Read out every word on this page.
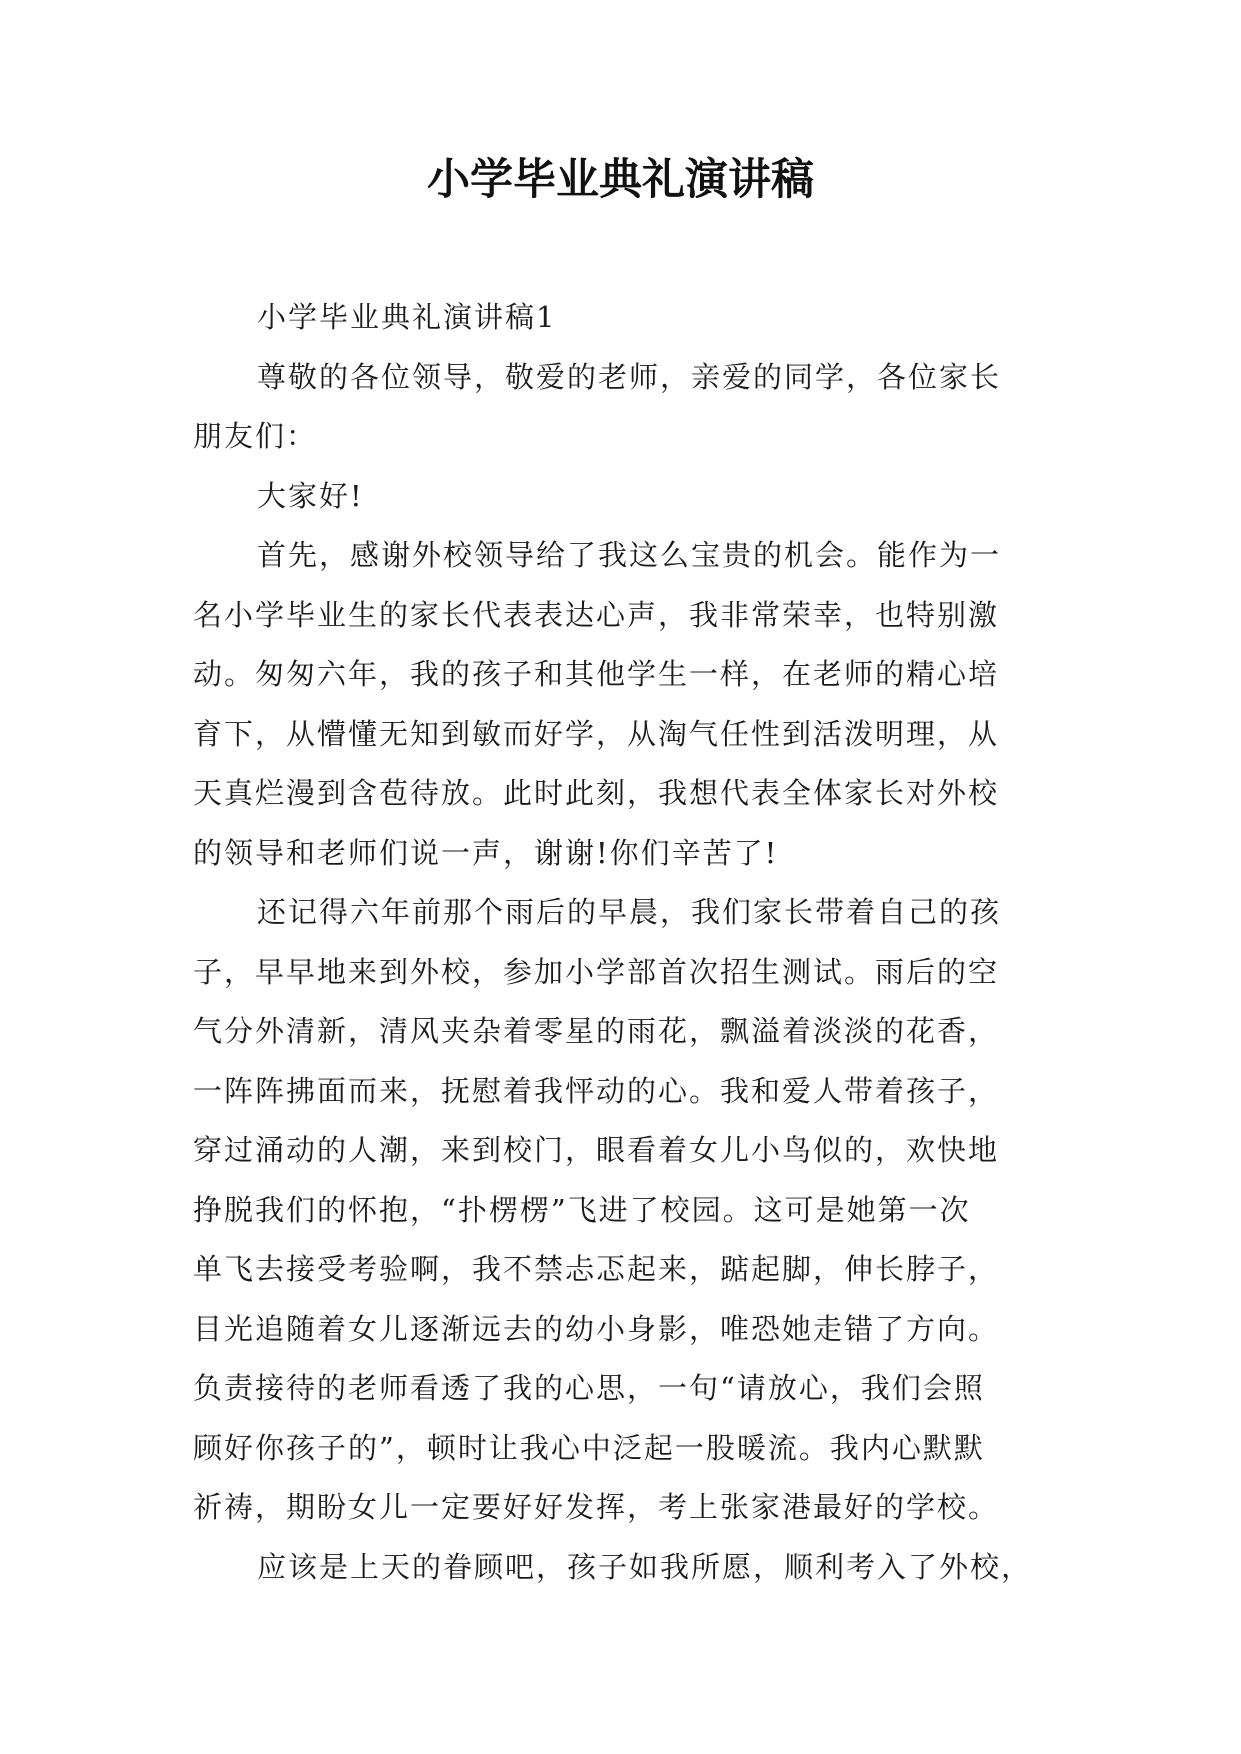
小学毕业典礼演讲稿
小学毕业典礼演讲稿1
尊敬的各位领导，敬爱的老师，亲爱的同学，各位家长
朋友们：
大家好!
首先，感谢外校领导给了我这么宝贵的机会。能作为一
名小学毕业生的家长代表表达心声，我非常荣幸，也特别激
动。匆匆六年，我的孩子和其他学生一样，在老师的精心培
育下，从懵懂无知到敏而好学，从淘气任性到活泼明理，从
天真烂漫到含苞待放。此时此刻，我想代表全体家长对外校
的领导和老师们说一声，谢谢!你们辛苦了!
还记得六年前那个雨后的早晨，我们家长带着自己的孩
子，早早地来到外校，参加小学部首次招生测试。雨后的空
气分外清新，清风夹杂着零星的雨花，飘溢着淡淡的花香，
一阵阵拂面而来，抚慰着我怦动的心。我和爱人带着孩子，
穿过涌动的人潮，来到校门，眼看着女儿小鸟似的，欢快地
挣脱我们的怀抱，“扑楞楞”飞进了校园。这可是她第一次
单飞去接受考验啊，我不禁忐忑起来，踮起脚，伸长脖子，
目光追随着女儿逐渐远去的幼小身影，唯恐她走错了方向。
负责接待的老师看透了我的心思，一句“请放心，我们会照
顾好你孩子的”，顿时让我心中泛起一股暖流。我内心默默
祈祷，期盼女儿一定要好好发挥，考上张家港最好的学校。
应该是上天的眷顾吧，孩子如我所愿，顺利考入了外校，
